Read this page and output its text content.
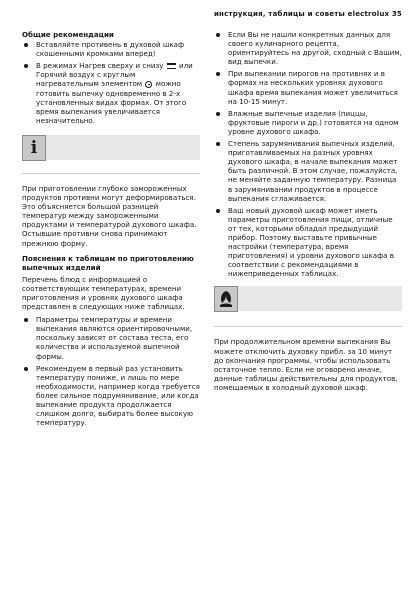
инструкция, таблицы и советы electrolux 35
Общие рекомендации
Вставляйте противень в духовой шкаф скошенными кромками вперед!
В режимах Нагрев сверху и снизу или Горячий воздух с круглым нагревательным элементом можно готовить выпечку одновременно в 2-х установленных видах формах. От этого время выпекания увеличивается незначительно.
i

При приготовлении глубоко замороженных продуктов противни могут деформироваться. Это объясняется большой разницей температур между замороженными продуктами и температурой духового шкафа. Остывшие противни снова принимают прежнюю форму.

Пояснения к таблицам по приготовлению выпечных изделий

Перечень блюд с информацией о соответствующих температурах, времени приготовления и уровнях духового шкафа представлен в следующих ниже таблицах.

Параметры температуры и времени выпекания являются ориентировочными, поскольку зависят от состава теста, его количества и используемой выпечной формы.
Рекомендуем в первый раз установить температуру пониже, и лишь по мере необходимости, например когда требуется более сильное подрумянивание, или когда выпекание продукта продолжается слишком долго, выбирать более высокую температуру.
Если Вы не нашли конкретных данных для своего кулинарного рецепта, ориентируйтесь на другой, сходный с Вашим, вид выпечки.
При выпекании пирогов на противнях и в формах на нескольких уровнях духового шкафа время выпекания может увеличиться на 10-15 минут.
Влажные выпечные изделия (пиццы, фруктовые пироги и др.) готовятся на одном уровне духового шкафа.
Степень зарумянивания выпечных изделий, приготавливаемых на разных уровнях духового шкафа, в начале выпекания может быть различной. В этом случае, пожалуйста, не меняйте заданную температуру. Разница в зарумянивании продуктов в процессе выпекания сглаживается.
Ваш новый духовой шкаф может иметь параметры приготовления пищи, отличные от тех, которыми обладал предыдущий прибор. Поэтому выставьте привычные настройки (температура, время приготовления) и уровни духового шкафа в соответствии с рекомендациями в нижеприведенных таблицах.

При продолжительном времени выпекания Вы можете отключить духовку прибл. за 10 минут до окончания программы, чтобы использовать остаточное тепло. Если не оговорено иначе, данные таблицы действительны для продуктов, помещаемых в холодный духовой шкаф.
